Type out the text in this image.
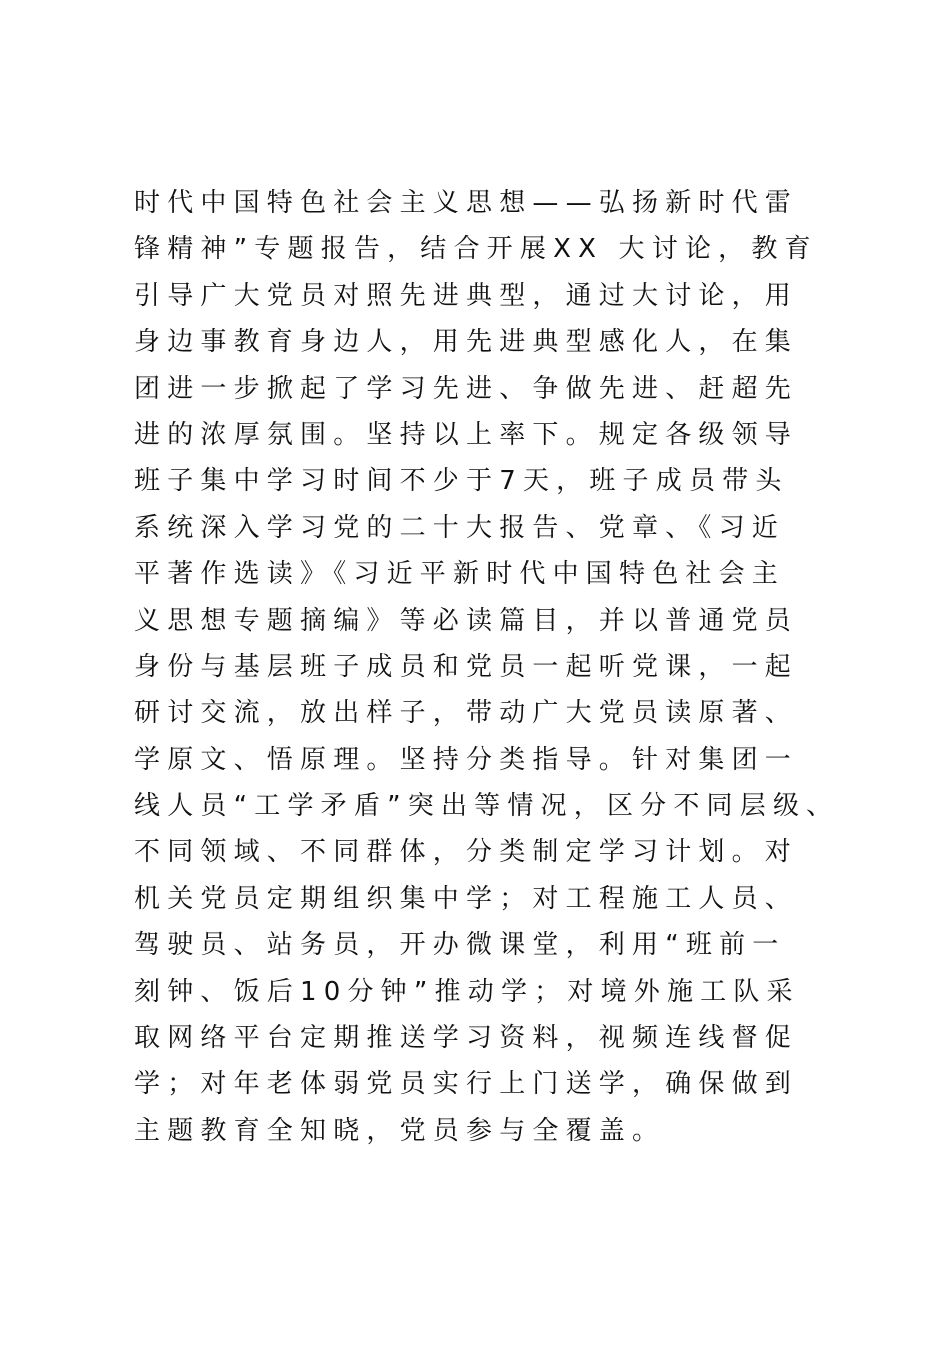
时代中国特色社会主义思想——弘扬新时代雷
锋精神”专题报告，结合开展XX 大讨论，教育
引导广大党员对照先进典型，通过大讨论，用
身边事教育身边人，用先进典型感化人，在集
团进一步掀起了学习先进、争做先进、赶超先
进的浓厚氛围。坚持以上率下。规定各级领导
班子集中学习时间不少于7天，班子成员带头
系统深入学习党的二十大报告、党章、《习近
平著作选读》《习近平新时代中国特色社会主
义思想专题摘编》等必读篇目，并以普通党员
身份与基层班子成员和党员一起听党课，一起
研讨交流，放出样子，带动广大党员读原著、
学原文、悟原理。坚持分类指导。针对集团一
线人员“工学矛盾”突出等情况，区分不同层级、
不同领域、不同群体，分类制定学习计划。对
机关党员定期组织集中学；对工程施工人员、
驾驶员、站务员，开办微课堂，利用“班前一
刻钟、饭后10分钟”推动学；对境外施工队采
取网络平台定期推送学习资料，视频连线督促
学；对年老体弱党员实行上门送学，确保做到
主题教育全知晓，党员参与全覆盖。
